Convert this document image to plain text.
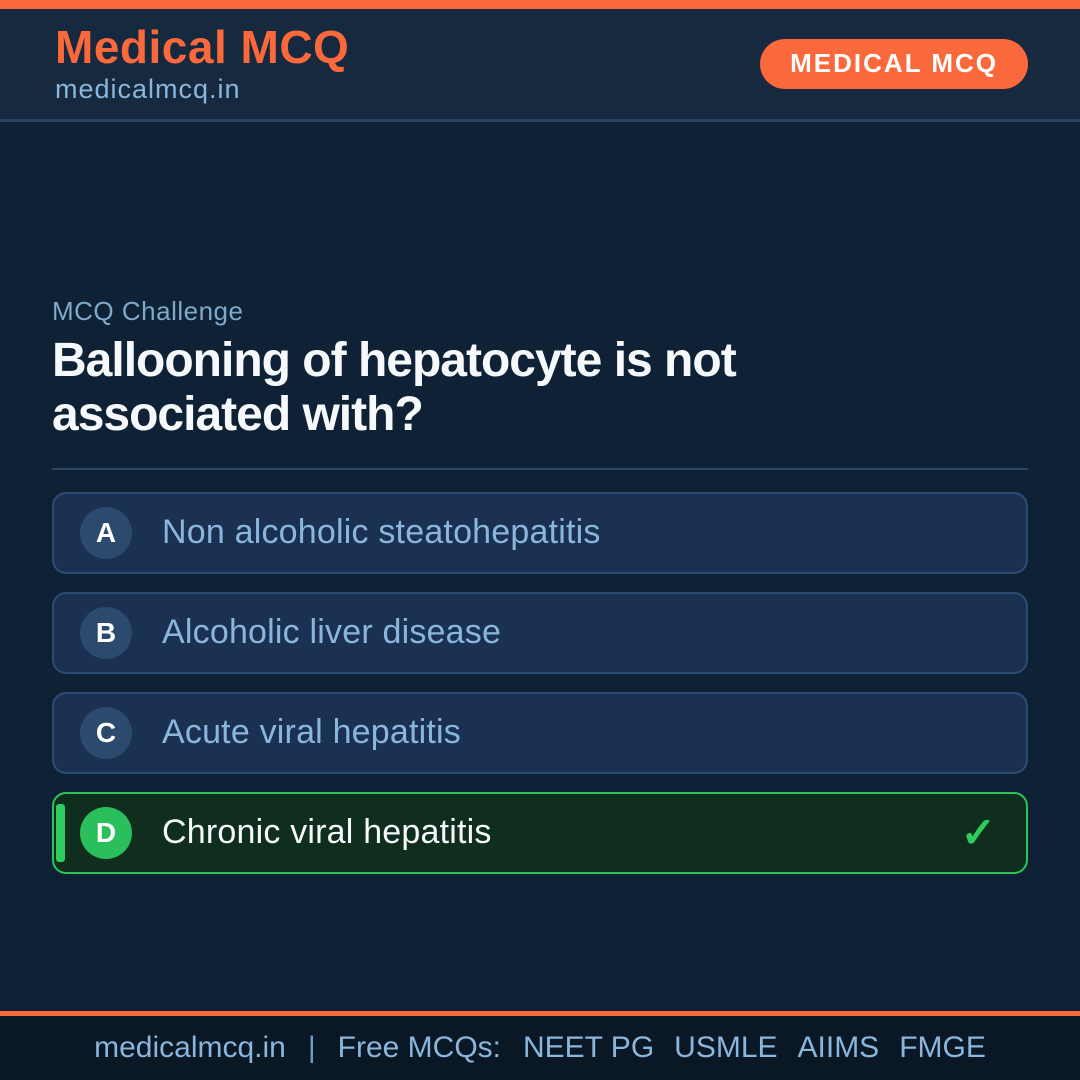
Medical MCQ
medicalmcq.in
MEDICAL MCQ
MCQ Challenge
Ballooning of hepatocyte is not associated with?
A	Non alcoholic steatohepatitis
B	Alcoholic liver disease
C	Acute viral hepatitis
D	Chronic viral hepatitis	✓
medicalmcq.in | Free MCQs: NEET PG USMLE AIIMS FMGE
